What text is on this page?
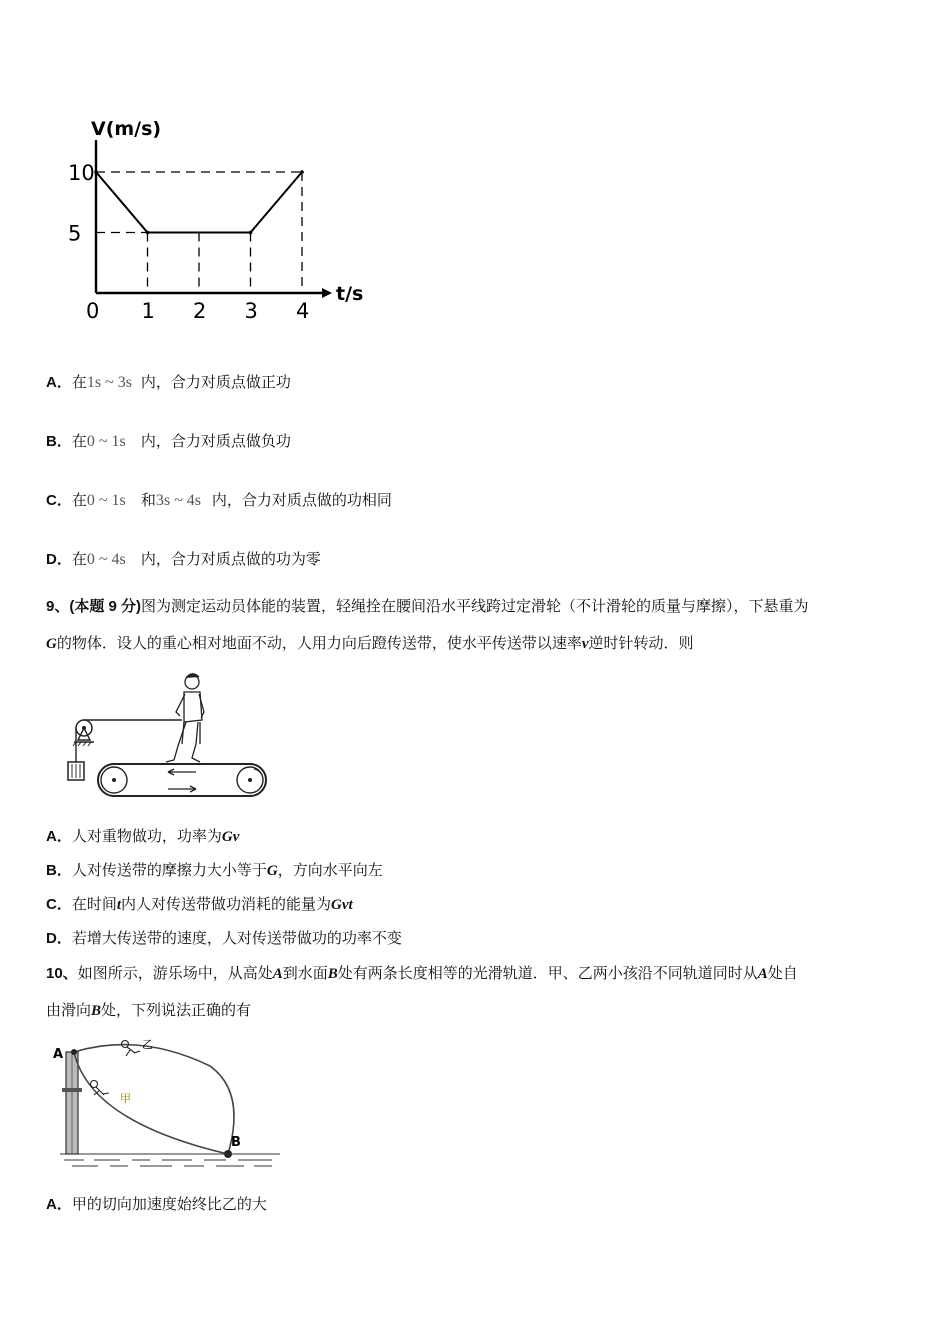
V(m/s)
t/s
10
5
0 1 2 3 4
A．在 1s ~ 3s 内，合力对质点做正功
B．在 0 ~ 1s 内，合力对质点做负功
C．在 0 ~ 1s 和 3s ~ 4s 内，合力对质点做的功相同
D．在 0 ~ 4s 内，合力对质点做的功为零
9、(本题 9 分)图为测定运动员体能的装置，轻绳拴在腰间沿水平线跨过定滑轮（不计滑轮的质量与摩擦），下悬重为
G的物体．设人的重心相对地面不动，人用力向后蹬传送带，使水平传送带以速率v逆时针转动．则
A．人对重物做功，功率为Gv
B．人对传送带的摩擦力大小等于G，方向水平向左
C．在时间t内人对传送带做功消耗的能量为Gvt
D．若增大传送带的速度，人对传送带做功的功率不变
10、如图所示，游乐场中，从高处A到水面B处有两条长度相等的光滑轨道．甲、乙两小孩沿不同轨道同时从A处自
由滑向B处，下列说法正确的有
A
B
乙
甲
A．甲的切向加速度始终比乙的大
